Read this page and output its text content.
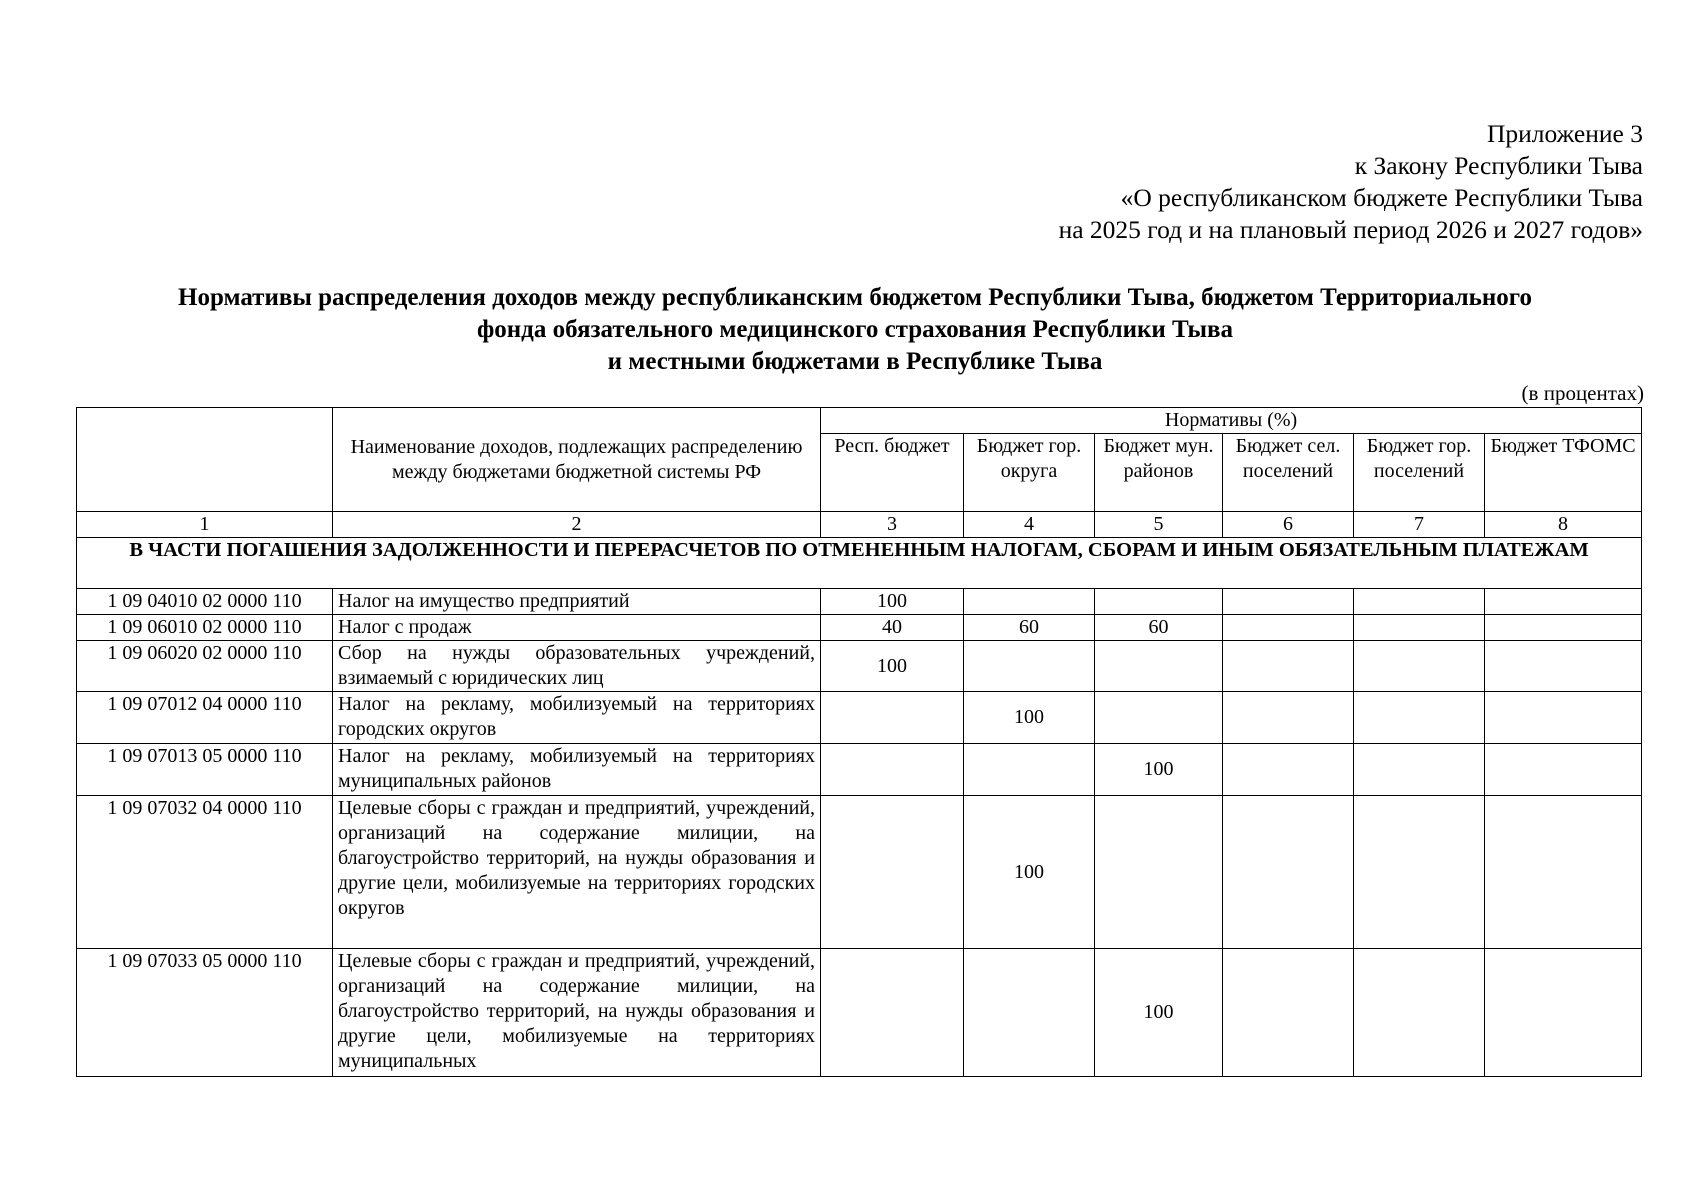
Приложение 3
к Закону Республики Тыва
«О республиканском бюджете Республики Тыва
на 2025 год и на плановый период 2026 и 2027 годов»
Нормативы распределения доходов между республиканским бюджетом Республики Тыва, бюджетом Территориального
фонда обязательного медицинского страхования Республики Тыва
и местными бюджетами в Республике Тыва
(в процентах)
	Наименование доходов, подлежащих распределению между бюджетами бюджетной системы РФ	Нормативы (%)					
		Респ. бюджет	Бюджет гор. округа	Бюджет мун. районов	Бюджет сел. поселений	Бюджет гор. поселений	Бюджет ТФОМС
1	2	3	4	5	6	7	8
В ЧАСТИ ПОГАШЕНИЯ ЗАДОЛЖЕННОСТИ И ПЕРЕРАСЧЕТОВ ПО ОТМЕНЕННЫМ НАЛОГАМ, СБОРАМ И ИНЫМ ОБЯЗАТЕЛЬНЫМ ПЛАТЕЖАМ							
1 09 04010 02 0000 110	Налог на имущество предприятий	100					
1 09 06010 02 0000 110	Налог с продаж	40	60	60			
1 09 06020 02 0000 110	Сбор на нужды образовательных учреждений, взимаемый с юридических лиц	100					
1 09 07012 04 0000 110	Налог на рекламу, мобилизуемый на территориях городских округов		100				
1 09 07013 05 0000 110	Налог на рекламу, мобилизуемый на территориях муниципальных районов			100			
1 09 07032 04 0000 110	Целевые сборы с граждан и предприятий, учреждений, организаций на содержание милиции, на благоустройство территорий, на нужды образования и другие цели, мобилизуемые на территориях городских округов		100				
1 09 07033 05 0000 110	Целевые сборы с граждан и предприятий, учреждений, организаций на содержание милиции, на благоустройство территорий, на нужды образования и другие цели, мобилизуемые на территориях муниципальных			100			
